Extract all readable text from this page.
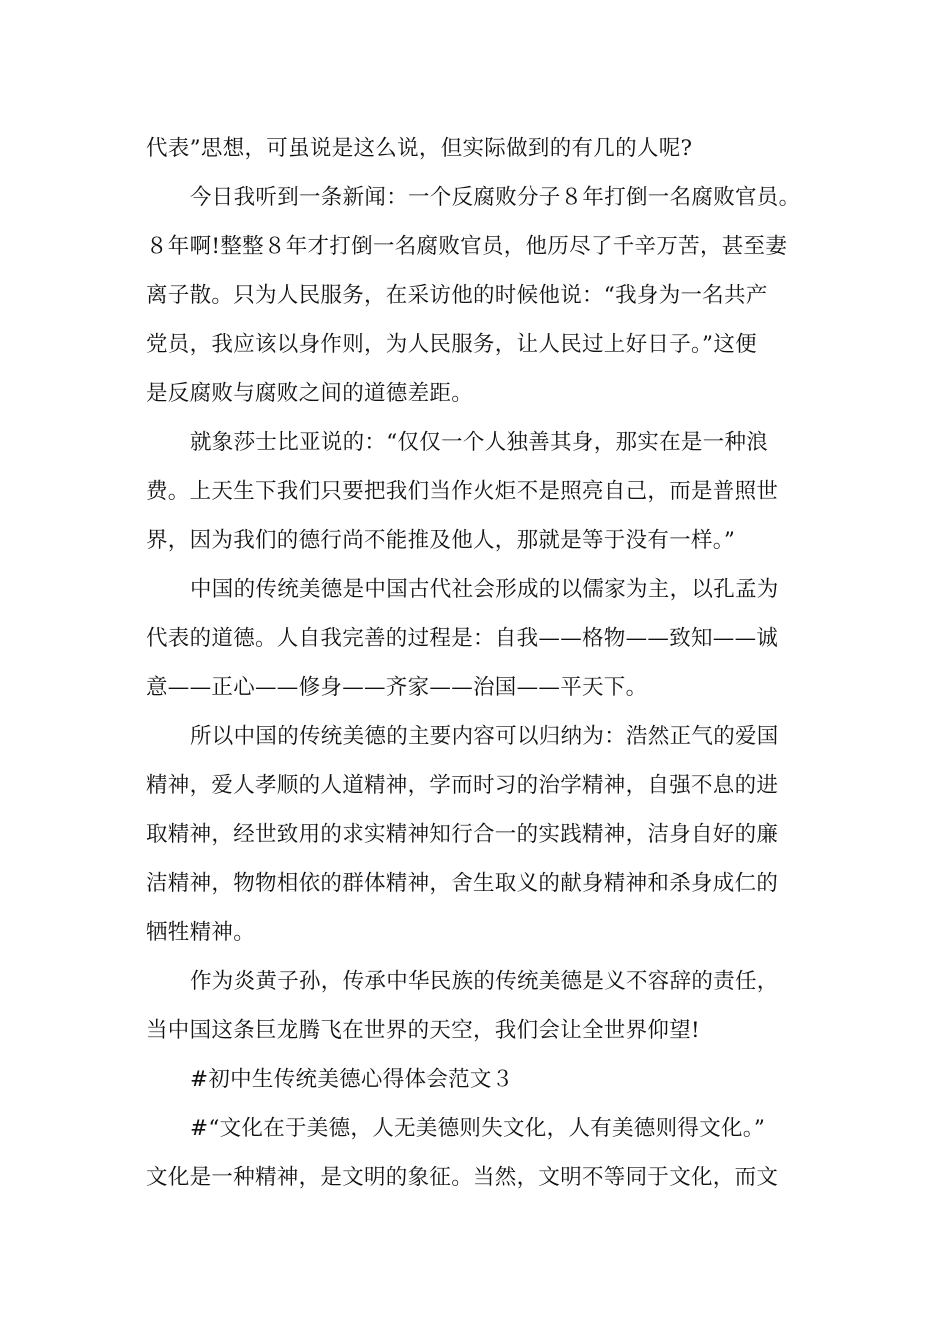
代表”思想，可虽说是这么说，但实际做到的有几的人呢?
今日我听到一条新闻：一个反腐败分子８年打倒一名腐败官员。
８年啊!整整８年才打倒一名腐败官员，他历尽了千辛万苦，甚至妻
离子散。只为人民服务，在采访他的时候他说：“我身为一名共产
党员，我应该以身作则，为人民服务，让人民过上好日子。”这便
是反腐败与腐败之间的道德差距。
就象莎士比亚说的：“仅仅一个人独善其身，那实在是一种浪
费。上天生下我们只要把我们当作火炬不是照亮自己，而是普照世
界，因为我们的德行尚不能推及他人，那就是等于没有一样。”
中国的传统美德是中国古代社会形成的以儒家为主，以孔孟为
代表的道德。人自我完善的过程是：自我——格物——致知——诚
意——正心——修身——齐家——治国——平天下。
所以中国的传统美德的主要内容可以归纳为：浩然正气的爱国
精神，爱人孝顺的人道精神，学而时习的治学精神，自强不息的进
取精神，经世致用的求实精神知行合一的实践精神，洁身自好的廉
洁精神，物物相依的群体精神，舍生取义的献身精神和杀身成仁的
牺牲精神。
作为炎黄子孙，传承中华民族的传统美德是义不容辞的责任，
当中国这条巨龙腾飞在世界的天空，我们会让全世界仰望!
#初中生传统美德心得体会范文３
#“文化在于美德，人无美德则失文化，人有美德则得文化。”
文化是一种精神，是文明的象征。当然，文明不等同于文化，而文
